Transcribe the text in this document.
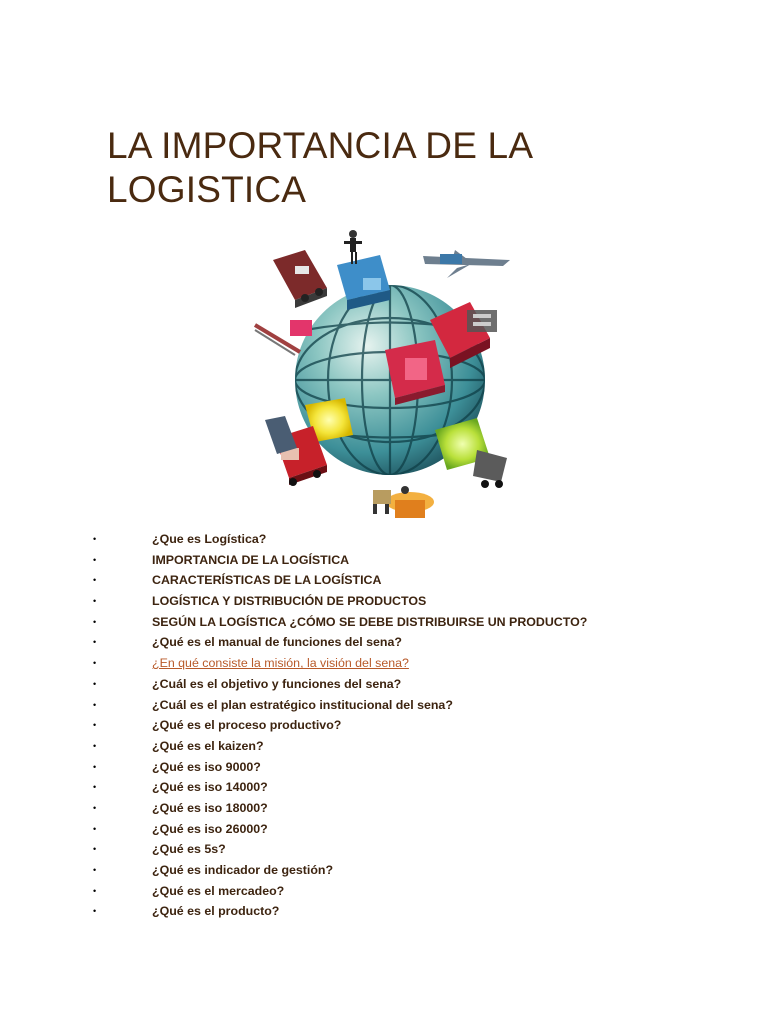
LA IMPORTANCIA DE LA
LOGISTICA
•	¿Que es Logística?
•	IMPORTANCIA DE LA LOGÍSTICA
•	CARACTERÍSTICAS DE LA LOGÍSTICA
•	LOGÍSTICA Y DISTRIBUCIÓN DE PRODUCTOS
•	SEGÚN LA LOGÍSTICA ¿CÓMO SE DEBE DISTRIBUIRSE UN PRODUCTO?
•	¿Qué es el manual de funciones del sena?
•	¿En qué consiste la misión, la visión del sena?
•	¿Cuál es el objetivo y funciones del sena?
•	¿Cuál es el plan estratégico institucional del sena?
•	¿Qué es el proceso productivo?
•	¿Qué es el kaizen?
•	¿Qué es iso 9000?
•	¿Qué es iso 14000?
•	¿Qué es iso 18000?
•	¿Qué es iso 26000?
•	¿Qué es 5s?
•	¿Qué es indicador de gestión?
•	¿Qué es el mercadeo?
•	¿Qué es el producto?
